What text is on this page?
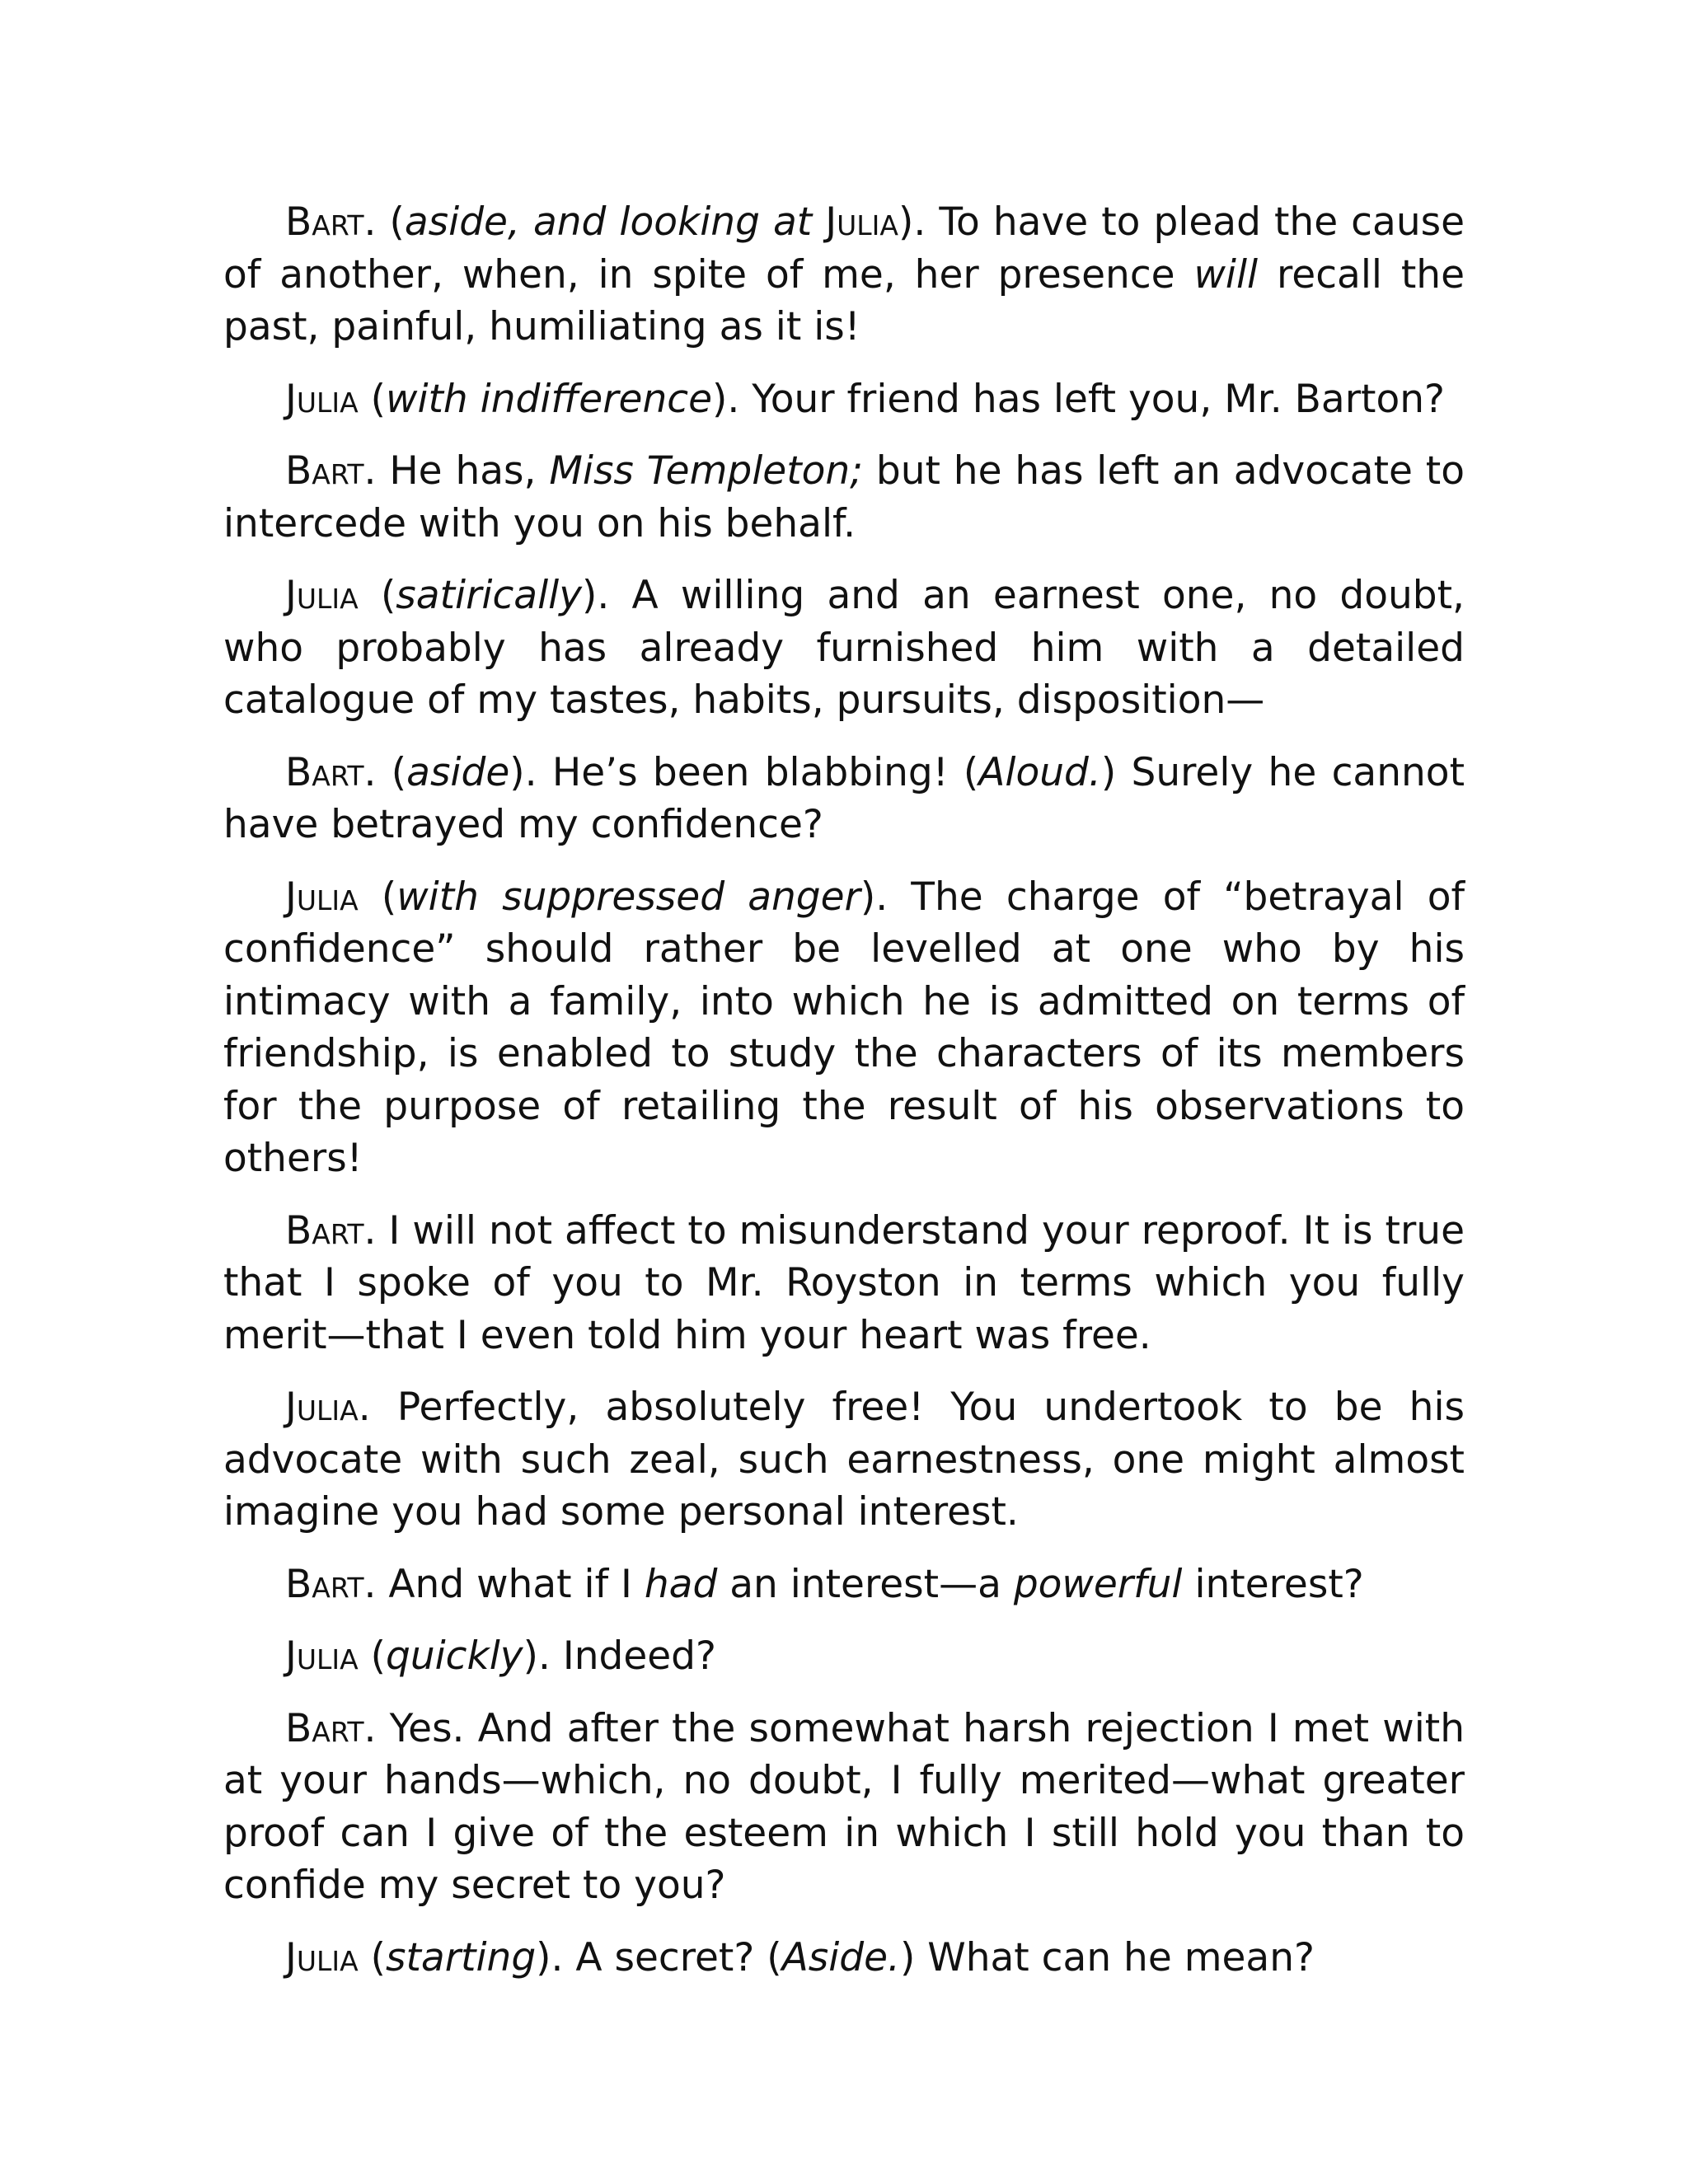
Bart. (aside, and looking at Julia). To have to plead the cause of another, when, in spite of me, her presence will recall the past, painful, humiliating as it is!

Julia (with indifference). Your friend has left you, Mr. Barton?

Bart. He has, Miss Templeton; but he has left an advocate to intercede with you on his behalf.

Julia (satirically). A willing and an earnest one, no doubt, who probably has already furnished him with a detailed catalogue of my tastes, habits, pursuits, disposition—

Bart. (aside). He’s been blabbing! (Aloud.) Surely he cannot have betrayed my confidence?

Julia (with suppressed anger). The charge of “betrayal of confidence” should rather be levelled at one who by his intimacy with a family, into which he is admitted on terms of friendship, is enabled to study the characters of its members for the purpose of retailing the result of his observations to others!

Bart. I will not affect to misunderstand your reproof. It is true that I spoke of you to Mr. Royston in terms which you fully merit—that I even told him your heart was free.

Julia. Perfectly, absolutely free! You undertook to be his advocate with such zeal, such earnestness, one might almost imagine you had some personal interest.

Bart. And what if I had an interest—a powerful interest?

Julia (quickly). Indeed?

Bart. Yes. And after the somewhat harsh rejection I met with at your hands—which, no doubt, I fully merited—what greater proof can I give of the esteem in which I still hold you than to confide my secret to you?

Julia (starting). A secret? (Aside.) What can he mean?
